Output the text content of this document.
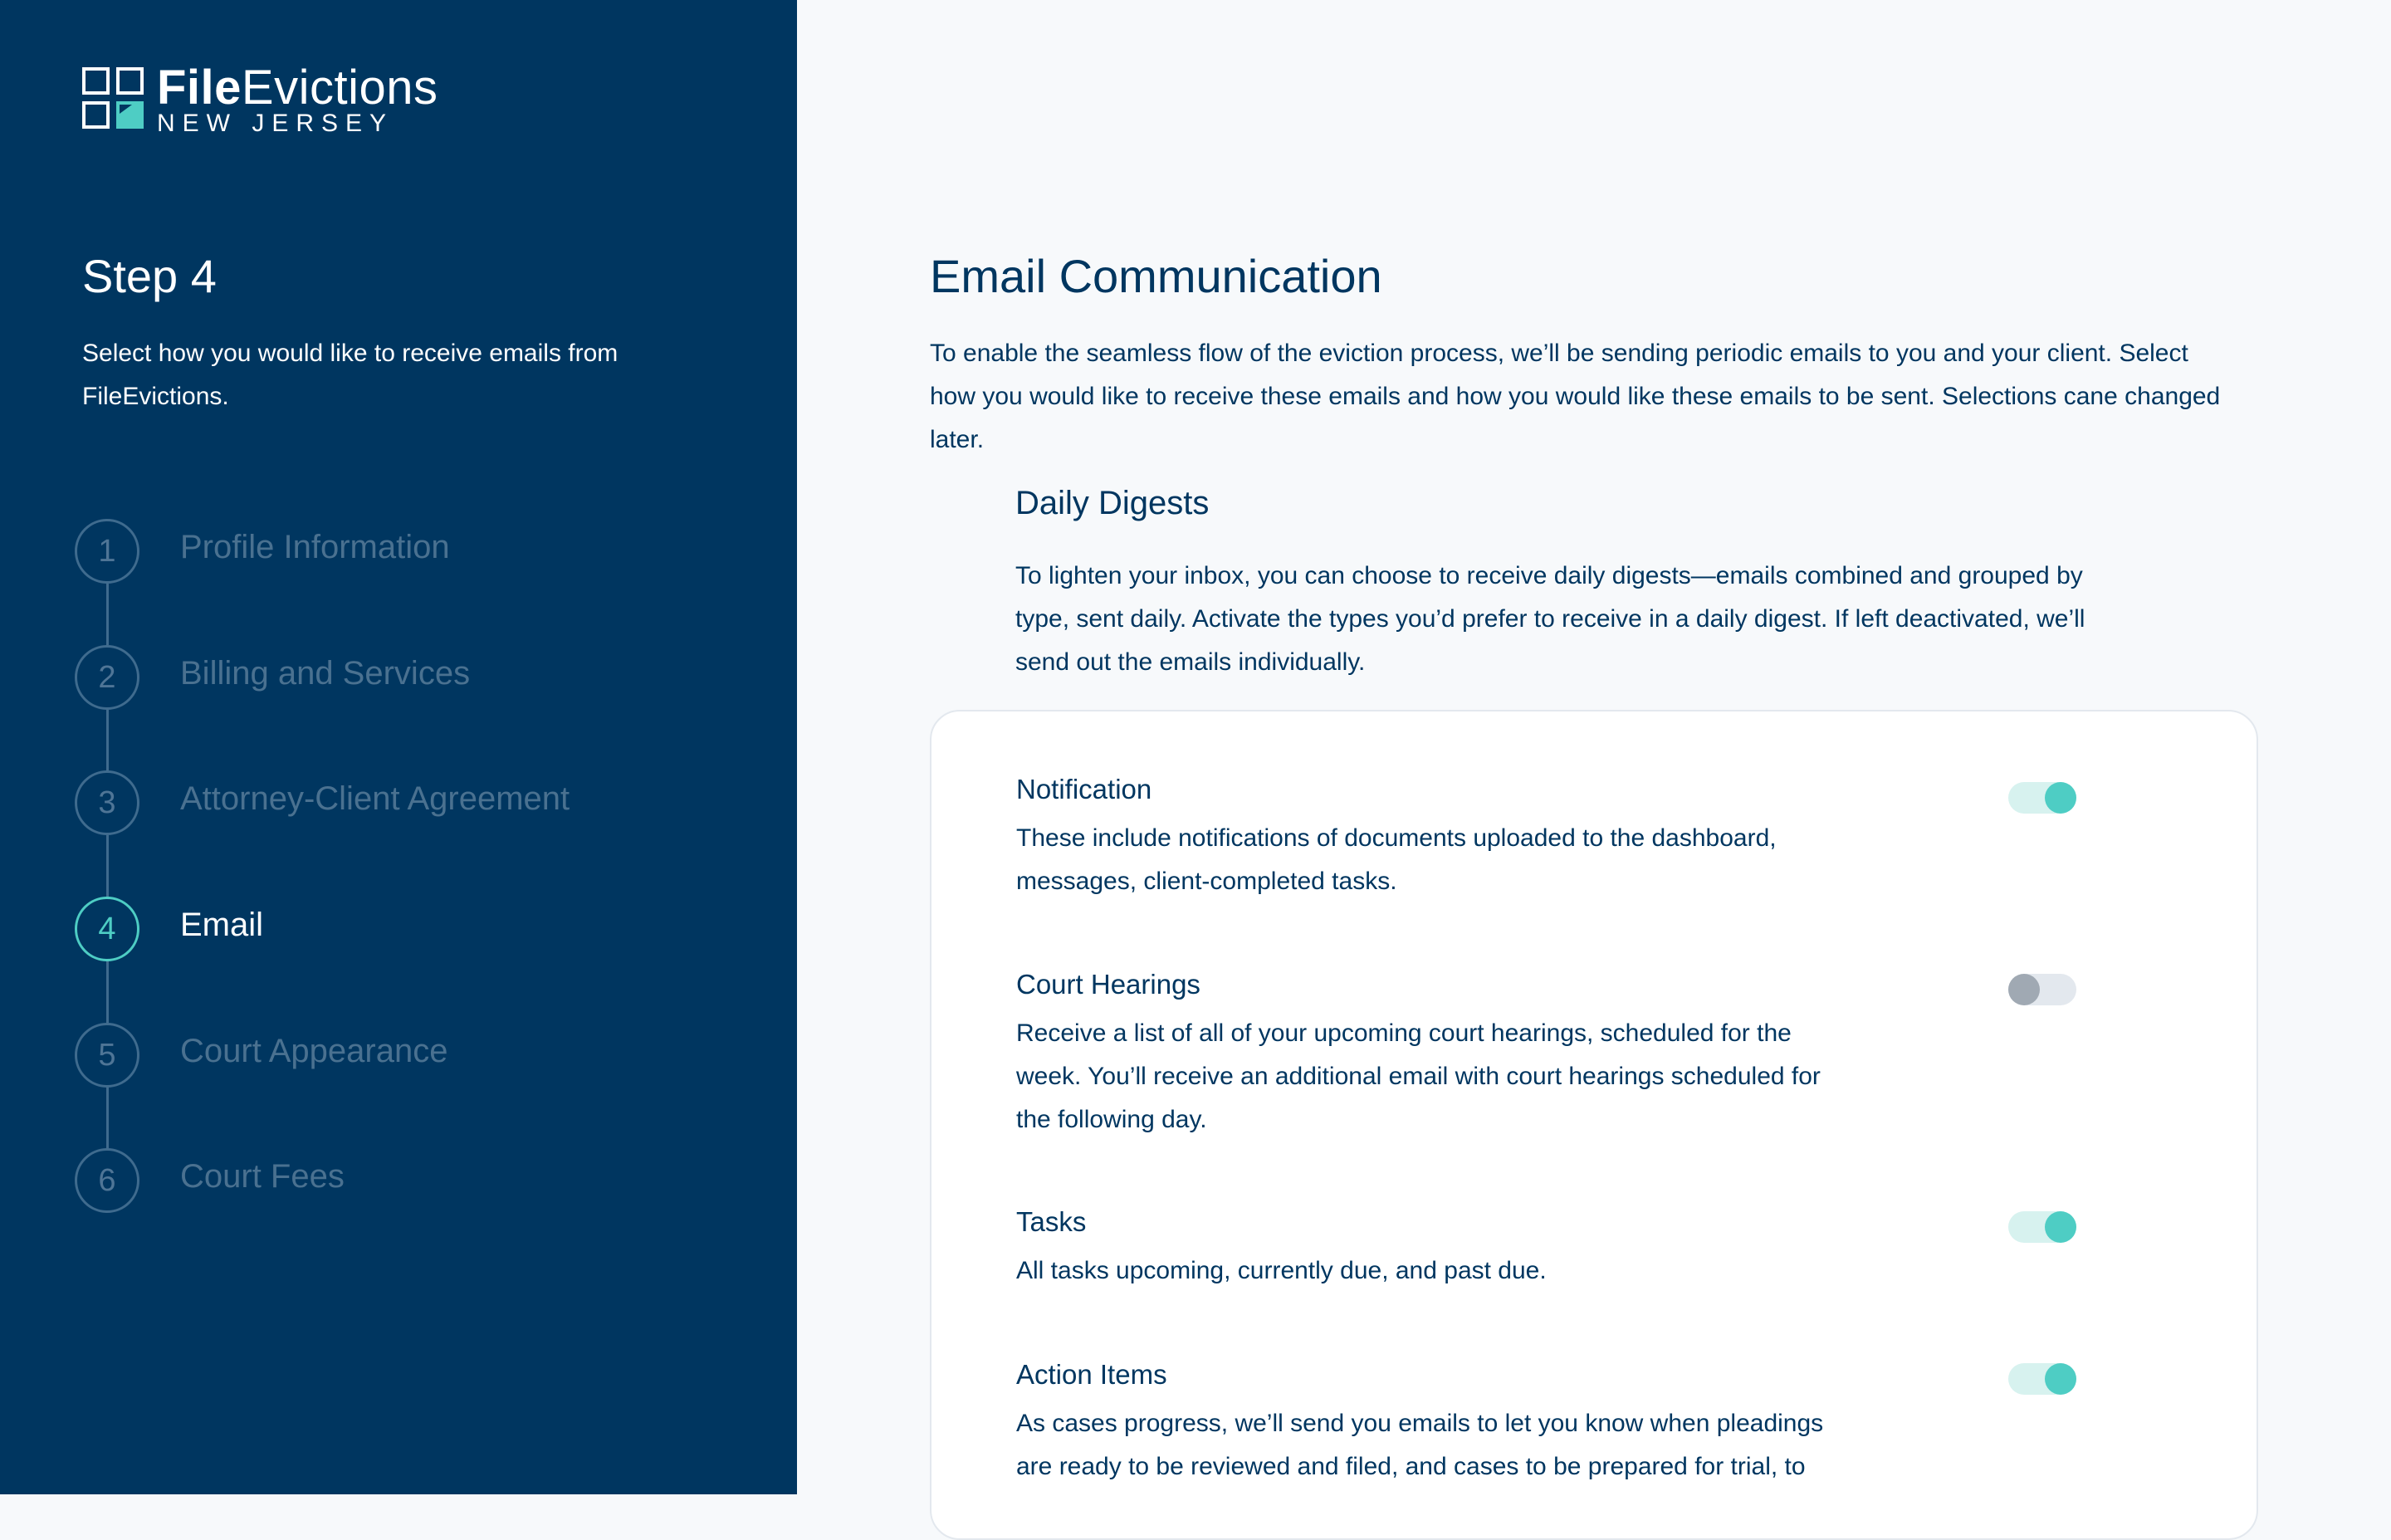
FileEvictions
NEW JERSEY
Step 4
Select how you would like to receive emails from FileEvictions.
1	Profile Information
2	Billing and Services
3	Attorney-Client Agreement
4	Email
5	Court Appearance
6	Court Fees
Email Communication
To enable the seamless flow of the eviction process, we’ll be sending periodic emails to you and your client. Select how you would like to receive these emails and how you would like these emails to be sent. Selections cane changed later.
Daily Digests
To lighten your inbox, you can choose to receive daily digests—emails combined and grouped by type, sent daily. Activate the types you’d prefer to receive in a daily digest. If left deactivated, we’ll send out the emails individually.
Notification
These include notifications of documents uploaded to the dashboard, messages, client-completed tasks.
Court Hearings
Receive a list of all of your upcoming court hearings, scheduled for the week. You’ll receive an additional email with court hearings scheduled for the following day.
Tasks
All tasks upcoming, currently due, and past due.
Action Items
As cases progress, we’ll send you emails to let you know when pleadings are ready to be reviewed and filed, and cases to be prepared for trial, to
